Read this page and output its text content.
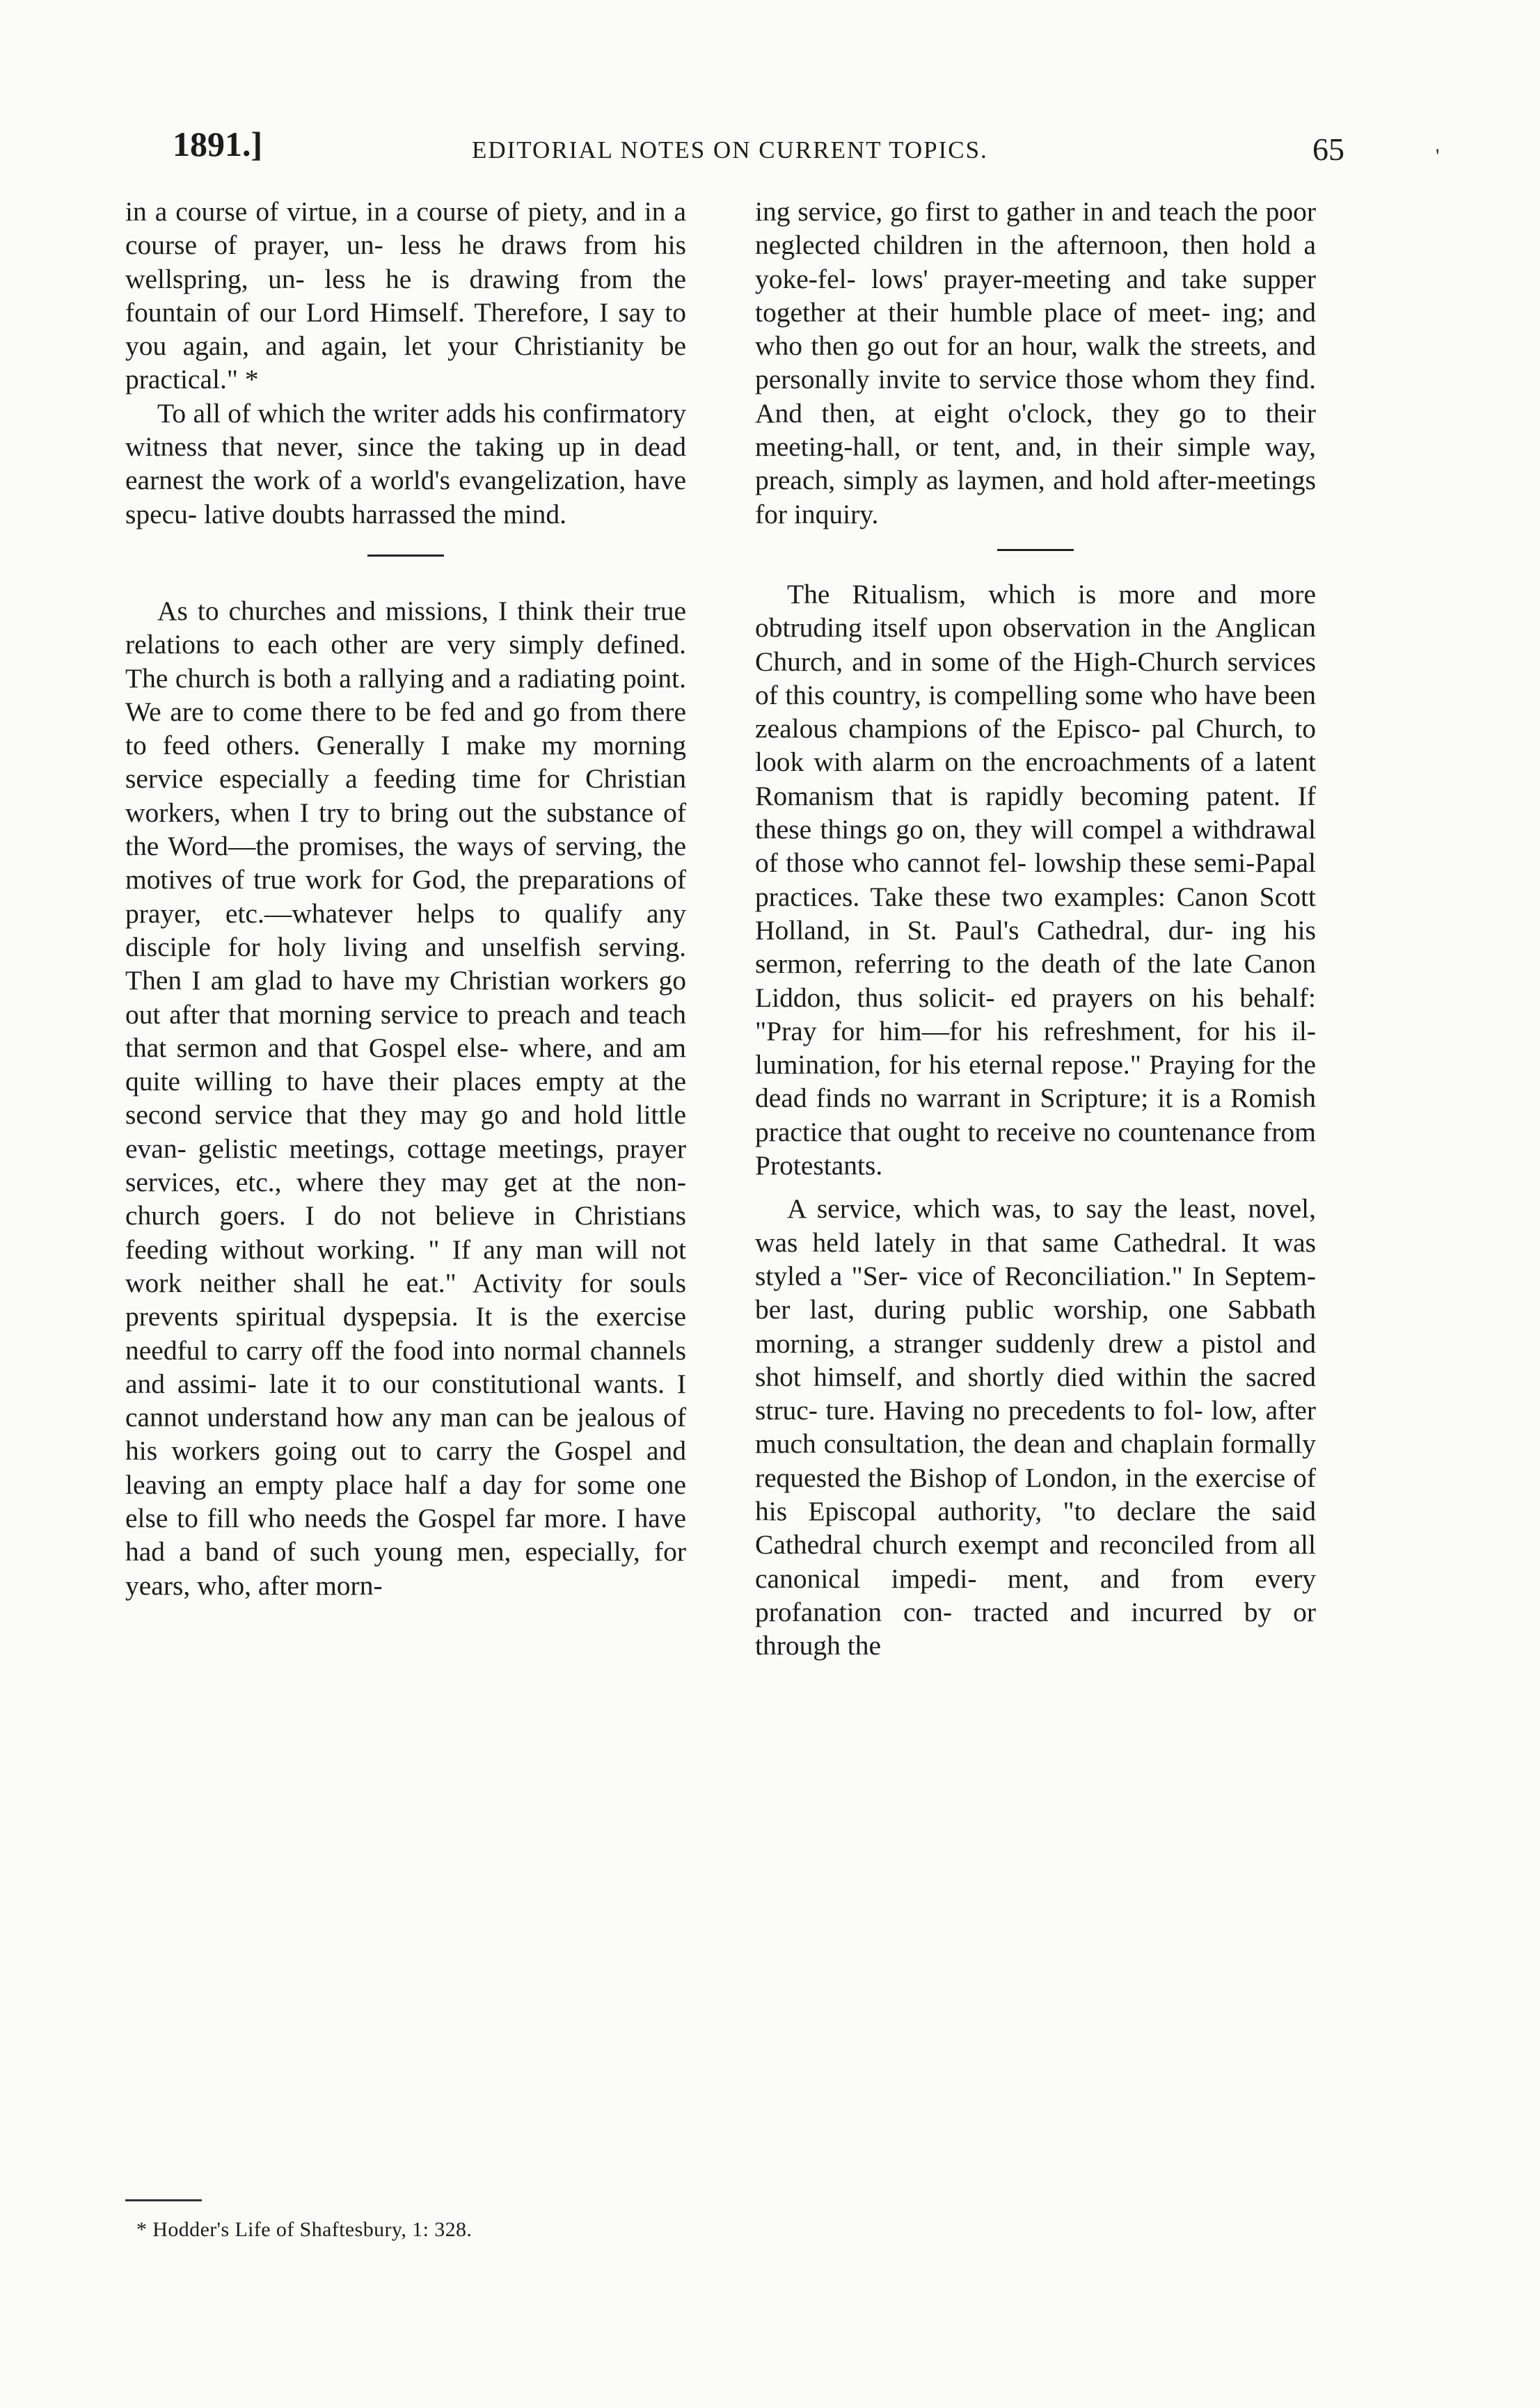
1891.]	EDITORIAL NOTES ON CURRENT TOPICS.	'
65

in a course of virtue, in a course of piety, and in a course of prayer, un- less he draws from his wellspring, un- less he is drawing from the fountain of our Lord Himself. Therefore, I say to you again, and again, let your Christianity be practical." *

To all of which the writer adds his confirmatory witness that never, since the taking up in dead earnest the work of a world's evangelization, have specu- lative doubts harrassed the mind.

As to churches and missions, I think their true relations to each other are very simply defined. The church is both a rallying and a radiating point. We are to come there to be fed and go from there to feed others. Generally I make my morning service especially a feeding time for Christian workers, when I try to bring out the substance of the Word—the promises, the ways of serving, the motives of true work for God, the preparations of prayer, etc.—whatever helps to qualify any disciple for holy living and unselfish serving. Then I am glad to have my Christian workers go out after that morning service to preach and teach that sermon and that Gospel else- where, and am quite willing to have their places empty at the second service that they may go and hold little evan- gelistic meetings, cottage meetings, prayer services, etc., where they may get at the non-church goers. I do not believe in Christians feeding without working. " If any man will not work neither shall he eat." Activity for souls prevents spiritual dyspepsia. It is the exercise needful to carry off the food into normal channels and assimi- late it to our constitutional wants. I cannot understand how any man can be jealous of his workers going out to carry the Gospel and leaving an empty place half a day for some one else to fill who needs the Gospel far more. I have had a band of such young men, especially, for years, who, after morn-

ing service, go first to gather in and teach the poor neglected children in the afternoon, then hold a yoke-fel- lows' prayer-meeting and take supper together at their humble place of meet- ing; and who then go out for an hour, walk the streets, and personally invite to service those whom they find. And then, at eight o'clock, they go to their meeting-hall, or tent, and, in their simple way, preach, simply as laymen, and hold after-meetings for inquiry.

The Ritualism, which is more and more obtruding itself upon observation in the Anglican Church, and in some of the High-Church services of this country, is compelling some who have been zealous champions of the Episco- pal Church, to look with alarm on the encroachments of a latent Romanism that is rapidly becoming patent. If these things go on, they will compel a withdrawal of those who cannot fel- lowship these semi-Papal practices. Take these two examples: Canon Scott Holland, in St. Paul's Cathedral, dur- ing his sermon, referring to the death of the late Canon Liddon, thus solicit- ed prayers on his behalf: "Pray for him—for his refreshment, for his il- lumination, for his eternal repose." Praying for the dead finds no warrant in Scripture; it is a Romish practice that ought to receive no countenance from Protestants.

A service, which was, to say the least, novel, was held lately in that same Cathedral. It was styled a "Ser- vice of Reconciliation." In Septem- ber last, during public worship, one Sabbath morning, a stranger suddenly drew a pistol and shot himself, and shortly died within the sacred struc- ture. Having no precedents to fol- low, after much consultation, the dean and chaplain formally requested the Bishop of London, in the exercise of his Episcopal authority, "to declare the said Cathedral church exempt and reconciled from all canonical impedi- ment, and from every profanation con- tracted and incurred by or through the

* Hodder's Life of Shaftesbury, 1: 328.
